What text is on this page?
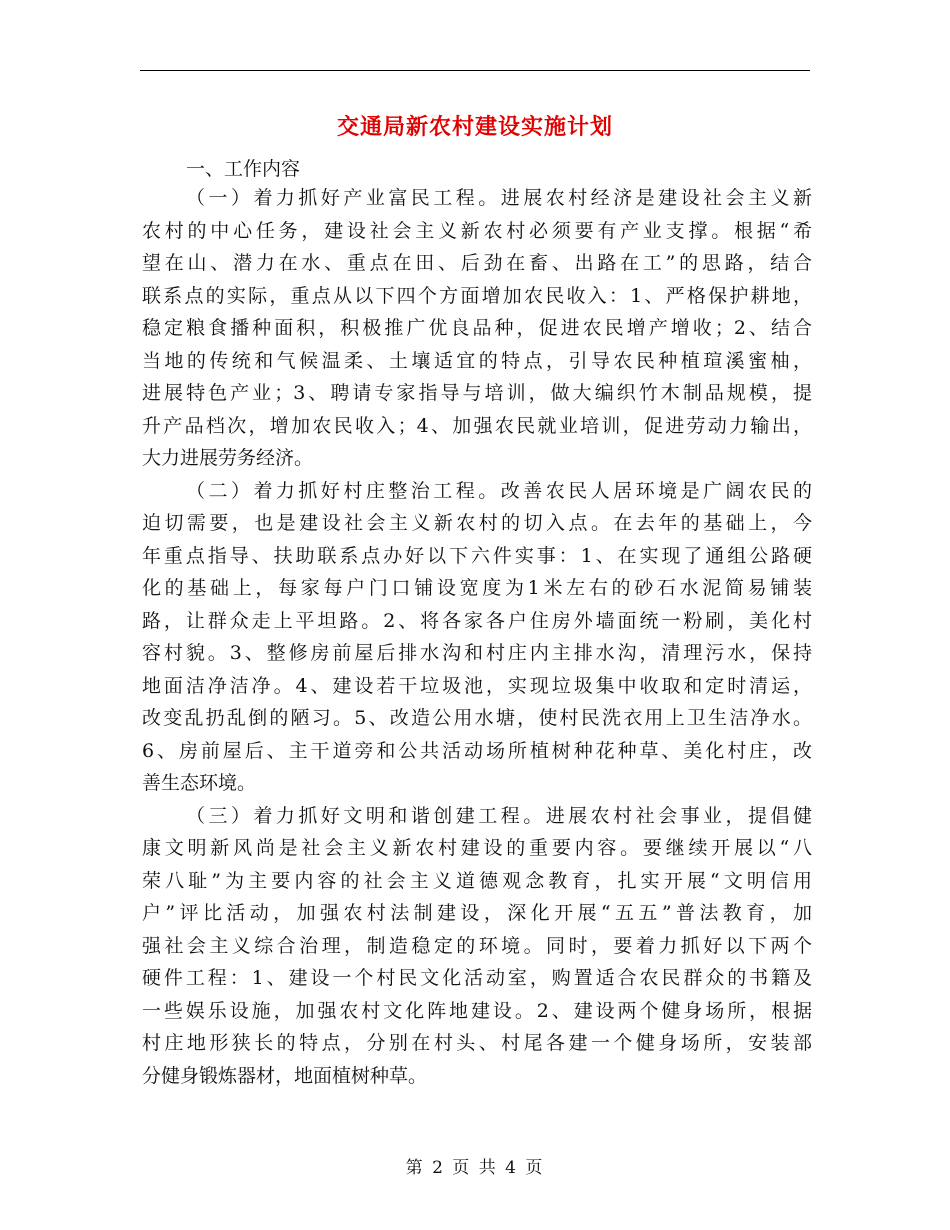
交通局新农村建设实施计划
一、工作内容

（一）着力抓好产业富民工程。进展农村经济是建设社会主义新
农村的中心任务，建设社会主义新农村必须要有产业支撑。根据“希
望在山、潜力在水、重点在田、后劲在畜、出路在工”的思路，结合
联系点的实际，重点从以下四个方面增加农民收入：1、严格保护耕地，
稳定粮食播种面积，积极推广优良品种，促进农民增产增收；2、结合
当地的传统和气候温柔、土壤适宜的特点，引导农民种植瑄溪蜜柚，
进展特色产业；3、聘请专家指导与培训，做大编织竹木制品规模，提
升产品档次，增加农民收入；4、加强农民就业培训，促进劳动力输出，
大力进展劳务经济。

（二）着力抓好村庄整治工程。改善农民人居环境是广阔农民的
迫切需要，也是建设社会主义新农村的切入点。在去年的基础上，今
年重点指导、扶助联系点办好以下六件实事：1、在实现了通组公路硬
化的基础上，每家每户门口铺设宽度为1米左右的砂石水泥简易铺装
路，让群众走上平坦路。2、将各家各户住房外墙面统一粉刷，美化村
容村貌。3、整修房前屋后排水沟和村庄内主排水沟，清理污水，保持
地面洁净洁净。4、建设若干垃圾池，实现垃圾集中收取和定时清运，
改变乱扔乱倒的陋习。5、改造公用水塘，使村民洗衣用上卫生洁净水。
6、房前屋后、主干道旁和公共活动场所植树种花种草、美化村庄，改
善生态环境。

（三）着力抓好文明和谐创建工程。进展农村社会事业，提倡健
康文明新风尚是社会主义新农村建设的重要内容。要继续开展以“八
荣八耻”为主要内容的社会主义道德观念教育，扎实开展“文明信用
户”评比活动，加强农村法制建设，深化开展“五五”普法教育，加
强社会主义综合治理，制造稳定的环境。同时，要着力抓好以下两个
硬件工程：1、建设一个村民文化活动室，购置适合农民群众的书籍及
一些娱乐设施，加强农村文化阵地建设。2、建设两个健身场所，根据
村庄地形狭长的特点，分别在村头、村尾各建一个健身场所，安装部
分健身锻炼器材，地面植树种草。

第 2 页 共 4 页
